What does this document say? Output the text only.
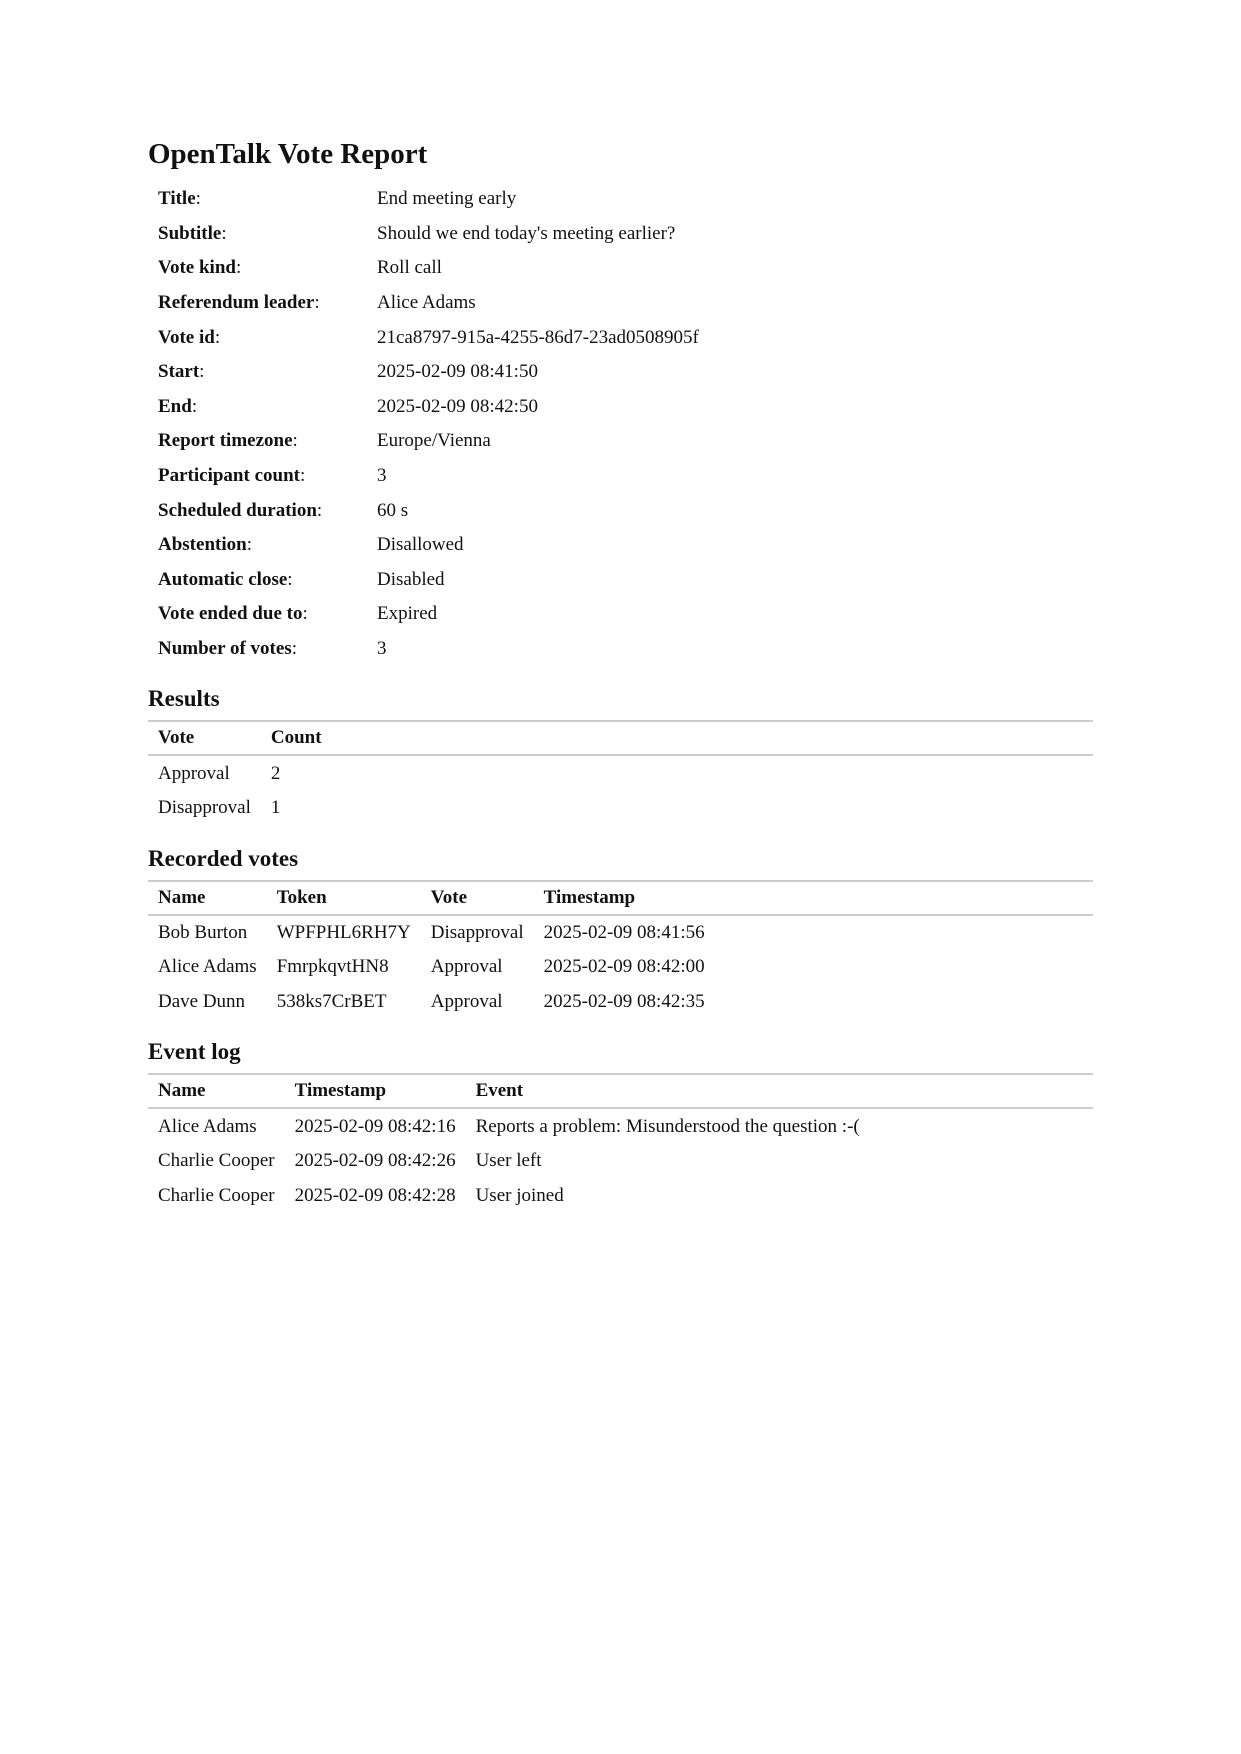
OpenTalk Vote Report
Title:	End meeting early
Subtitle:	Should we end today's meeting earlier?
Vote kind:	Roll call
Referendum leader:	Alice Adams
Vote id:	21ca8797-915a-4255-86d7-23ad0508905f
Start:	2025-02-09 08:41:50
End:	2025-02-09 08:42:50
Report timezone:	Europe/Vienna
Participant count:	3
Scheduled duration:	60 s
Abstention:	Disallowed
Automatic close:	Disabled
Vote ended due to:	Expired
Number of votes:	3
Results
Vote	Count
Approval	2
Disapproval	1
Recorded votes
Name	Token	Vote	Timestamp
Bob Burton	WPFPHL6RH7Y	Disapproval	2025-02-09 08:41:56
Alice Adams	FmrpkqvtHN8	Approval	2025-02-09 08:42:00
Dave Dunn	538ks7CrBET	Approval	2025-02-09 08:42:35
Event log
Name	Timestamp	Event
Alice Adams	2025-02-09 08:42:16	Reports a problem: Misunderstood the question :-(
Charlie Cooper	2025-02-09 08:42:26	User left
Charlie Cooper	2025-02-09 08:42:28	User joined
